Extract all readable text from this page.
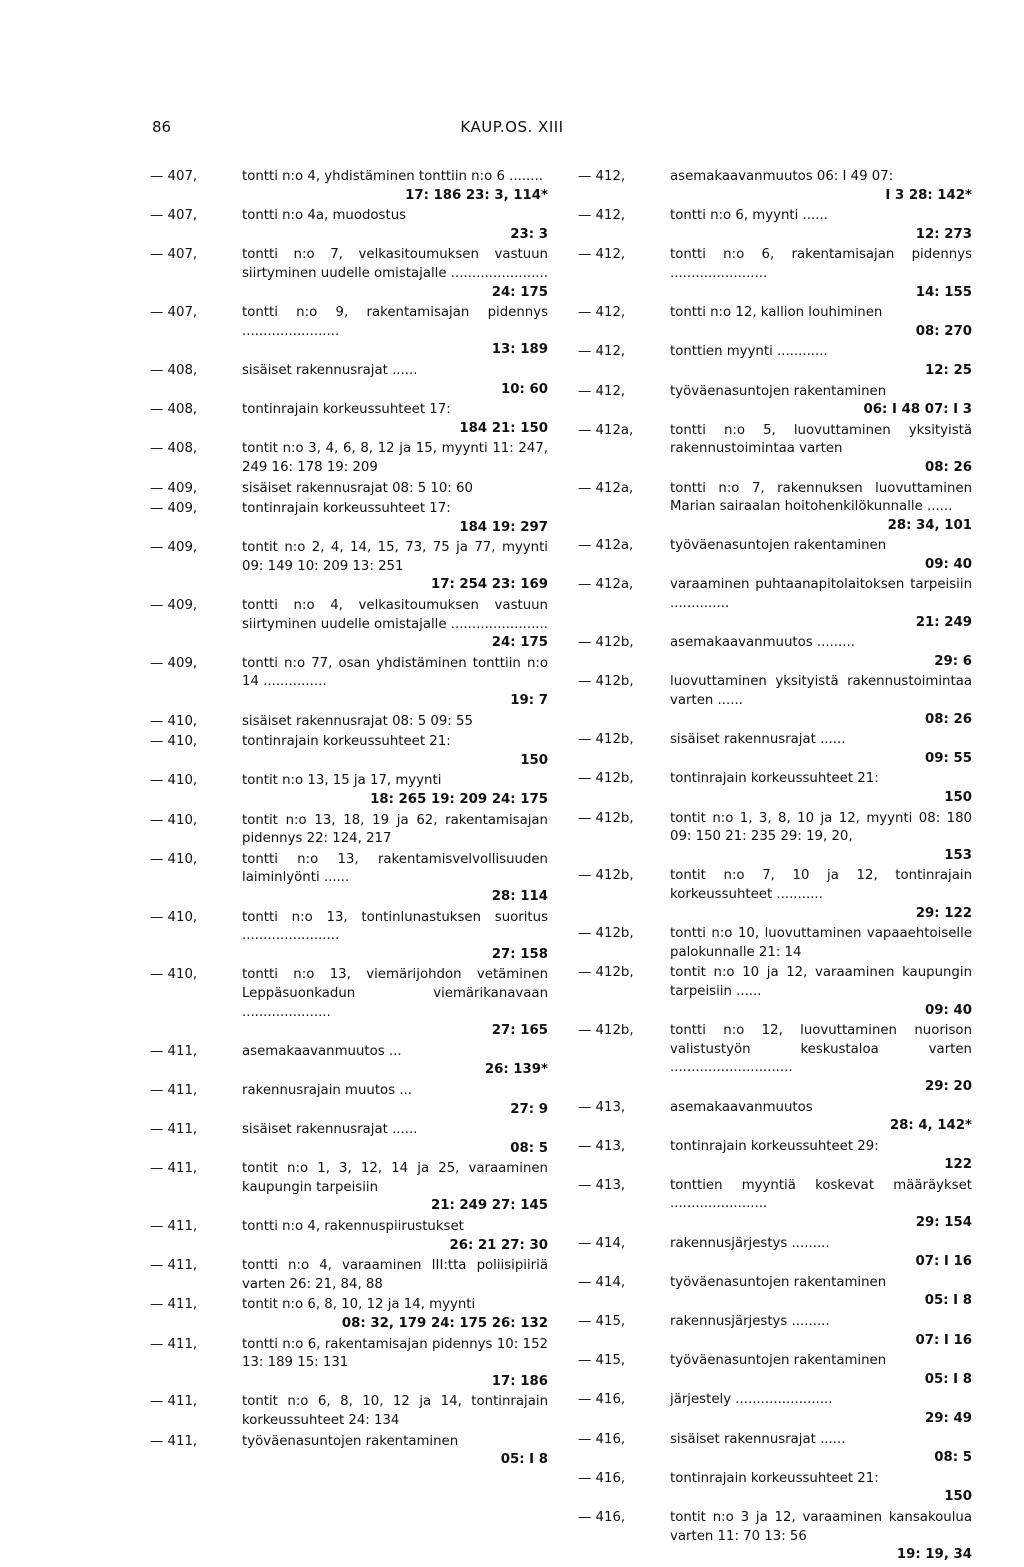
86	KAUP.OS. XIII
— 407,	tontti n:o 4, yhdistäminen tonttiin n:o 6 ........
17: 186 23: 3, 114*
— 407,	tontti n:o 4a, muodostus
23: 3
— 407,	tontti n:o 7, velkasitoumuksen vastuun siirtyminen uudelle omistajalle .......................
24: 175
— 407,	tontti n:o 9, rakentamisajan pidennys .......................
13: 189
— 408,	sisäiset rakennusrajat ......
10: 60
— 408,	tontinrajain korkeussuhteet 17:
184 21: 150
— 408,	tontit n:o 3, 4, 6, 8, 12 ja 15, myynti 11: 247, 249 16: 178 19: 209
— 409,	sisäiset rakennusrajat 08: 5 10: 60
— 409,	tontinrajain korkeussuhteet 17:
184 19: 297
— 409,	tontit n:o 2, 4, 14, 15, 73, 75 ja 77, myynti 09: 149 10: 209 13: 251
17: 254 23: 169
— 409,	tontti n:o 4, velkasitoumuksen vastuun siirtyminen uudelle omistajalle .......................
24: 175
— 409,	tontti n:o 77, osan yhdistäminen tonttiin n:o 14 ...............
19: 7
— 410,	sisäiset rakennusrajat 08: 5 09: 55
— 410,	tontinrajain korkeussuhteet 21:
150
— 410,	tontit n:o 13, 15 ja 17, myynti
18: 265 19: 209 24: 175
— 410,	tontit n:o 13, 18, 19 ja 62, rakentamisajan pidennys 22: 124, 217
— 410,	tontti n:o 13, rakentamisvelvollisuuden laiminlyönti ......
28: 114
— 410,	tontti n:o 13, tontinlunastuksen suoritus .......................
27: 158
— 410,	tontti n:o 13, viemärijohdon vetäminen Leppäsuonkadun viemärikanavaan .....................
27: 165
— 411,	asemakaavanmuutos ...
26: 139*
— 411,	rakennusrajain muutos ...
27: 9
— 411,	sisäiset rakennusrajat ......
08: 5
— 411,	tontit n:o 1, 3, 12, 14 ja 25, varaaminen kaupungin tarpeisiin
21: 249 27: 145
— 411,	tontti n:o 4, rakennuspiirustukset
26: 21 27: 30
— 411,	tontti n:o 4, varaaminen III:tta poliisipiiriä varten 26: 21, 84, 88
— 411,	tontit n:o 6, 8, 10, 12 ja 14, myynti
08: 32, 179 24: 175 26: 132
— 411,	tontti n:o 6, rakentamisajan pidennys 10: 152 13: 189 15: 131
17: 186
— 411,	tontit n:o 6, 8, 10, 12 ja 14, tontinrajain korkeussuhteet 24: 134
— 411,	työväenasuntojen rakentaminen
05: I 8
— 412,	asemakaavanmuutos 06: I 49 07:
I 3 28: 142*
— 412,	tontti n:o 6, myynti ......
12: 273
— 412,	tontti n:o 6, rakentamisajan pidennys .......................
14: 155
— 412,	tontti n:o 12, kallion louhiminen
08: 270
— 412,	tonttien myynti ............
12: 25
— 412,	työväenasuntojen rakentaminen
06: I 48 07: I 3
— 412a,	tontti n:o 5, luovuttaminen yksityistä rakennustoimintaa varten
08: 26
— 412a,	tontti n:o 7, rakennuksen luovuttaminen Marian sairaalan hoitohenkilökunnalle ......
28: 34, 101
— 412a,	työväenasuntojen rakentaminen
09: 40
— 412a,	varaaminen puhtaanapitolaitoksen tarpeisiin ..............
21: 249
— 412b,	asemakaavanmuutos .........
29: 6
— 412b,	luovuttaminen yksityistä rakennustoimintaa varten ......
08: 26
— 412b,	sisäiset rakennusrajat ......
09: 55
— 412b,	tontinrajain korkeussuhteet 21:
150
— 412b,	tontit n:o 1, 3, 8, 10 ja 12, myynti 08: 180 09: 150 21: 235 29: 19, 20,
153
— 412b,	tontit n:o 7, 10 ja 12, tontinrajain korkeussuhteet ...........
29: 122
— 412b,	tontti n:o 10, luovuttaminen vapaaehtoiselle palokunnalle 21: 14
— 412b,	tontit n:o 10 ja 12, varaaminen kaupungin tarpeisiin ......
09: 40
— 412b,	tontti n:o 12, luovuttaminen nuorison valistustyön keskustaloa varten .............................
29: 20
— 413,	asemakaavanmuutos
28: 4, 142*
— 413,	tontinrajain korkeussuhteet 29:
122
— 413,	tonttien myyntiä koskevat määräykset .......................
29: 154
— 414,	rakennusjärjestys .........
07: I 16
— 414,	työväenasuntojen rakentaminen
05: I 8
— 415,	rakennusjärjestys .........
07: I 16
— 415,	työväenasuntojen rakentaminen
05: I 8
— 416,	järjestely .......................
29: 49
— 416,	sisäiset rakennusrajat ......
08: 5
— 416,	tontinrajain korkeussuhteet 21:
150
— 416,	tontit n:o 3 ja 12, varaaminen kansakoulua varten 11: 70 13: 56
19: 19, 34
